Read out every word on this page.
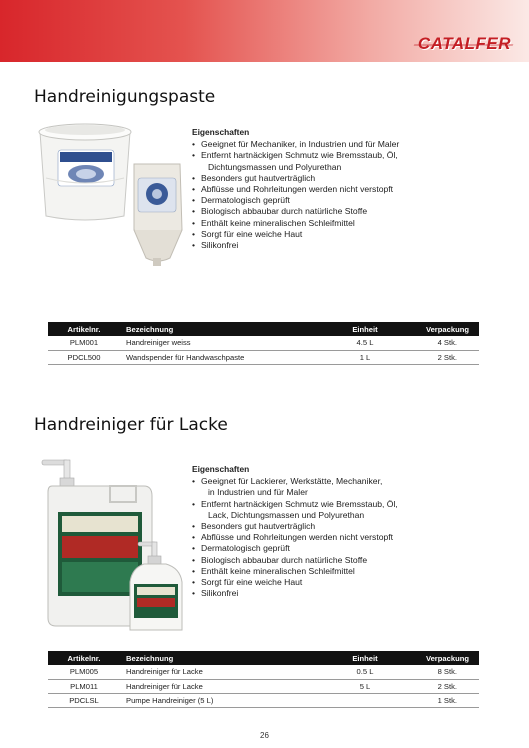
CATALFER
Handreinigungspaste
Eigenschaften
• Geeignet für Mechaniker, in Industrien und für Maler
• Entfernt hartnäckigen Schmutz wie Bremsstaub, Öl,
Dichtungsmassen und Polyurethan
• Besonders gut hautverträglich
• Abflüsse und Rohrleitungen werden nicht verstopft
• Dermatologisch geprüft
• Biologisch abbaubar durch natürliche Stoffe
• Enthält keine mineralischen Schleifmittel
• Sorgt für eine weiche Haut
• Silikonfrei
Artikelnr.	Bezeichnung	Einheit	Verpackung
PLM001	Handreiniger weiss	4.5 L	4 Stk.
PDCL500	Wandspender für Handwaschpaste	1 L	2 Stk.
Handreiniger für Lacke
Eigenschaften
• Geeignet für Lackierer, Werkstätte, Mechaniker,
in Industrien und für Maler
• Entfernt hartnäckigen Schmutz wie Bremsstaub, Öl,
Lack, Dichtungsmassen und Polyurethan
• Besonders gut hautverträglich
• Abflüsse und Rohrleitungen werden nicht verstopft
• Dermatologisch geprüft
• Biologisch abbaubar durch natürliche Stoffe
• Enthält keine mineralischen Schleifmittel
• Sorgt für eine weiche Haut
• Silikonfrei
Artikelnr.	Bezeichnung	Einheit	Verpackung
PLM005	Handreiniger für Lacke	0.5 L	8 Stk.
PLM011	Handreiniger für Lacke	5 L	2 Stk.
PDCLSL	Pumpe Handreiniger (5 L)		1 Stk.
26
